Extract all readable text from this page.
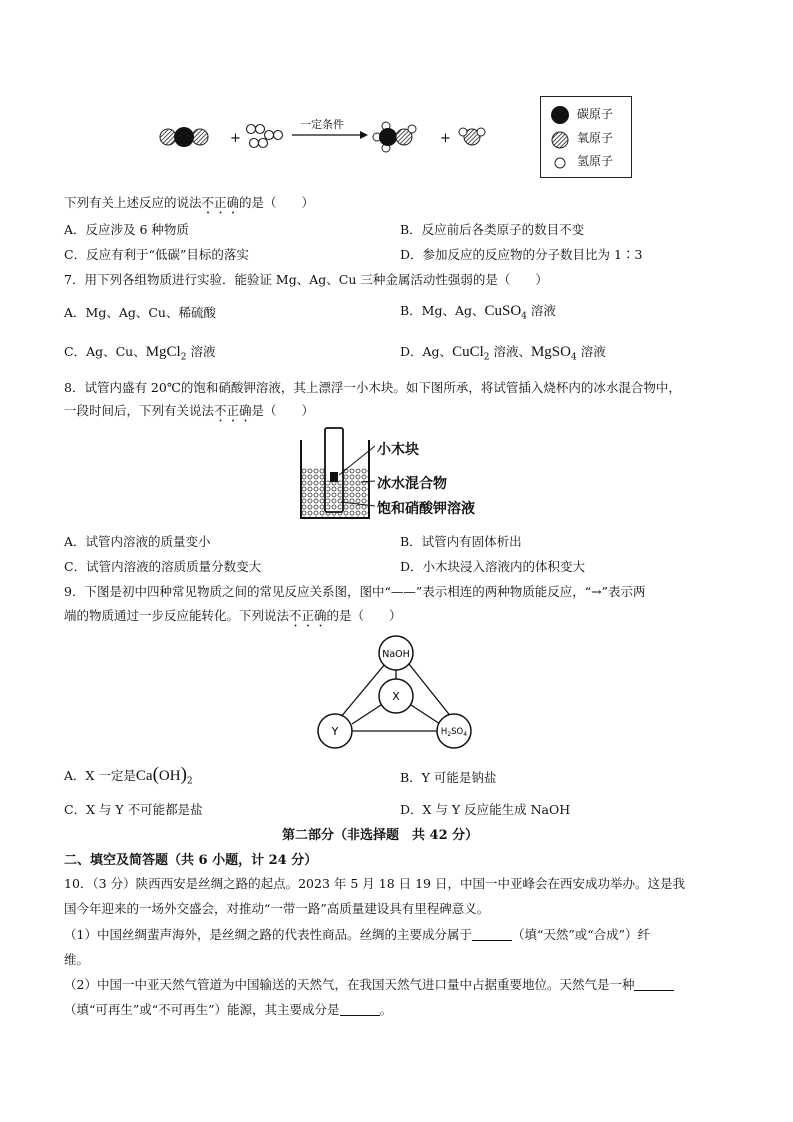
+
一定条件
+
碳原子
氧原子
氢原子
下列有关上述反应的说法不正确的是（　　）
A．反应涉及 6 种物质	B．反应前后各类原子的数目不变
C．反应有利于“低碳”目标的落实	D．参加反应的反应物的分子数目比为 1∶3
7．用下列各组物质进行实验．能验证 Mg、Ag、Cu 三种金属活动性强弱的是（　　）
A．Mg、Ag、Cu、稀硫酸	B．Mg、Ag、CuSO$_4$ 溶液
C．Ag、Cu、MgCl$_2$ 溶液	D．Ag、CuCl$_2$ 溶液、MgSO$_4$ 溶液
8．试管内盛有 20℃的饱和硝酸钾溶液，其上漂浮一小木块。如下图所承，将试管插入烧杯内的冰水混合物中，
一段时间后，下列有关说法不正确是（　　）
小木块
冰水混合物
饱和硝酸钾溶液
A．试管内溶液的质量变小	B．试管内有固体析出
C．试管内溶液的溶质质量分数变大	D．小木块浸入溶液内的体积变大
9．下图是初中四种常见物质之间的常见反应关系图，图中“——”表示相连的两种物质能反应，“→”表示两
端的物质通过一步反应能转化。下列说法不正确的是（　　）
NaOH
X
Y	$H_2SO_4$
A．X 一定是$Ca(OH)_2$	B．Y 可能是钠盐
C．X 与 Y 不可能都是盐	D．X 与 Y 反应能生成 NaOH
第二部分（非选择题　共 42 分）
二、填空及简答题（共 6 小题，计 24 分）
10．（3 分）陕西西安是丝绸之路的起点。2023 年 5 月 18 日 19 日，中国一中亚峰会在西安成功举办。这是我
国今年迎来的一场外交盛会，对推动“一带一路”高质量建设具有里程碑意义。
（1）中国丝绸蜚声海外，是丝绸之路的代表性商品。丝绸的主要成分属于	（填“天然”或“合成”）纤
维。
（2）中国一中亚天然气管道为中国输送的天然气，在我国天然气进口量中占据重要地位。天然气是一种
（填“可再生”或“不可再生”）能源，其主要成分是	。
